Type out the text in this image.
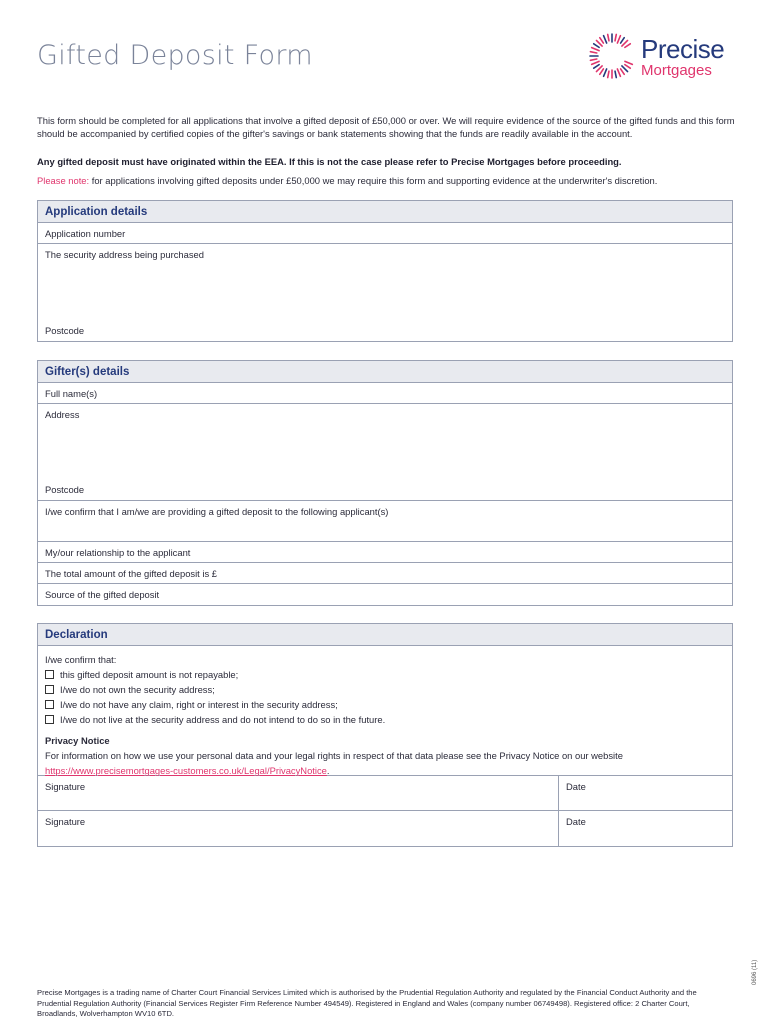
Gifted Deposit Form	Precise
Mortgages
This form should be completed for all applications that involve a gifted deposit of £50,000 or over. We will require evidence of the source of the gifted funds and this form should be accompanied by certified copies of the gifter's savings or bank statements showing that the funds are readily available in the account.
Any gifted deposit must have originated within the EEA. If this is not the case please refer to Precise Mortgages before proceeding.
Please note: for applications involving gifted deposits under £50,000 we may require this form and supporting evidence at the underwriter's discretion.
Application details
Application number
The security address being purchased
Postcode
Gifter(s) details
Full name(s)
Address
Postcode
I/we confirm that I am/we are providing a gifted deposit to the following applicant(s)
My/our relationship to the applicant
The total amount of the gifted deposit is £
Source of the gifted deposit
Declaration
I/we confirm that:
this gifted deposit amount is not repayable;
I/we do not own the security address;
I/we do not have any claim, right or interest in the security address;
I/we do not live at the security address and do not intend to do so in the future.
Privacy Notice
For information on how we use your personal data and your legal rights in respect of that data please see the Privacy Notice on our website
https://www.precisemortgages-customers.co.uk/Legal/PrivacyNotice.
Signature	Date
Signature	Date
Precise Mortgages is a trading name of Charter Court Financial Services Limited which is authorised by the Prudential Regulation Authority and regulated by the Financial Conduct Authority and the Prudential Regulation Authority (Financial Services Register Firm Reference Number 494549). Registered in England and Wales (company number 06749498). Registered office: 2 Charter Court, Broadlands, Wolverhampton WV10 6TD.
0696 (11)
